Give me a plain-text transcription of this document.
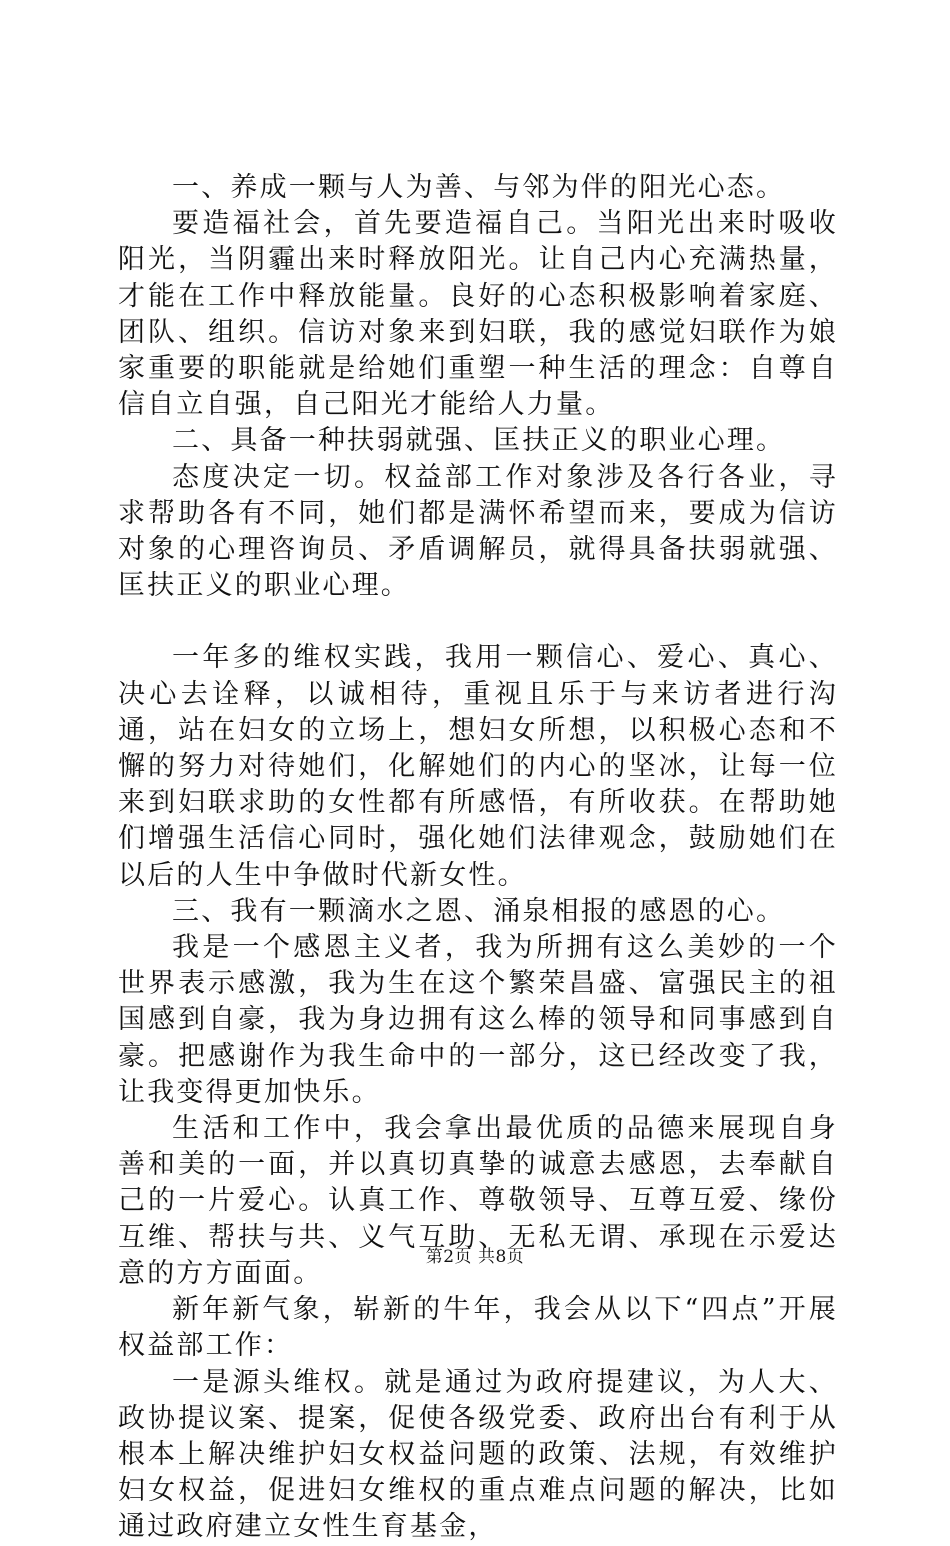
一、养成一颗与人为善、与邻为伴的阳光心态。

要造福社会，首先要造福自己。当阳光出来时吸收阳光，当阴霾出来时释放阳光。让自己内心充满热量，才能在工作中释放能量。良好的心态积极影响着家庭、团队、组织。信访对象来到妇联，我的感觉妇联作为娘家重要的职能就是给她们重塑一种生活的理念：自尊自信自立自强，自己阳光才能给人力量。

二、具备一种扶弱就强、匡扶正义的职业心理。

态度决定一切。权益部工作对象涉及各行各业，寻求帮助各有不同，她们都是满怀希望而来，要成为信访对象的心理咨询员、矛盾调解员，就得具备扶弱就强、匡扶正义的职业心理。

一年多的维权实践，我用一颗信心、爱心、真心、决心去诠释，以诚相待，重视且乐于与来访者进行沟通，站在妇女的立场上，想妇女所想，以积极心态和不懈的努力对待她们，化解她们的内心的坚冰，让每一位来到妇联求助的女性都有所感悟，有所收获。在帮助她们增强生活信心同时，强化她们法律观念，鼓励她们在以后的人生中争做时代新女性。

三、我有一颗滴水之恩、涌泉相报的感恩的心。

我是一个感恩主义者，我为所拥有这么美妙的一个世界表示感激，我为生在这个繁荣昌盛、富强民主的祖国感到自豪，我为身边拥有这么棒的领导和同事感到自豪。把感谢作为我生命中的一部分，这已经改变了我，让我变得更加快乐。

生活和工作中，我会拿出最优质的品德来展现自身善和美的一面，并以真切真挚的诚意去感恩，去奉献自己的一片爱心。认真工作、尊敬领导、互尊互爱、缘份互维、帮扶与共、义气互助、无私无谓、承现在示爱达意的方方面面。

新年新气象，崭新的牛年，我会从以下“四点”开展权益部工作：

一是源头维权。就是通过为政府提建议，为人大、政协提议案、提案，促使各级党委、政府出台有利于从根本上解决维护妇女权益问题的政策、法规，有效维护妇女权益，促进妇女维权的重点难点问题的解决，比如通过政府建立女性生育基金，

第2页 共8页
